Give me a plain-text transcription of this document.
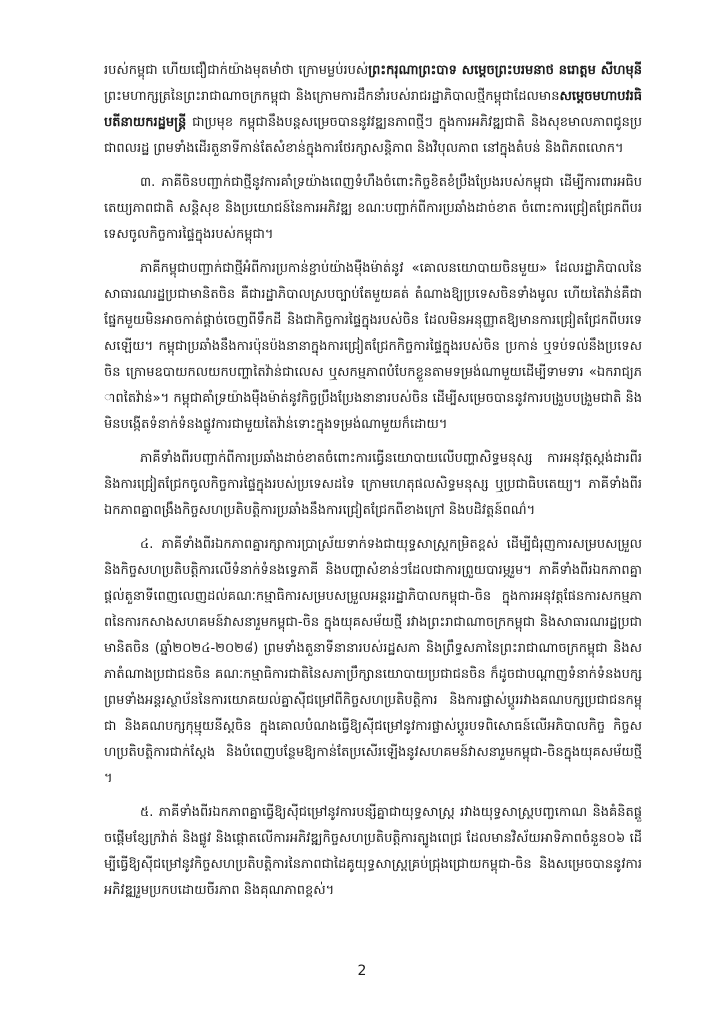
របស់កម្ពុជា ហើយជឿជាក់យ៉ាងមុតមាំថា ក្រោមម្លប់របស់ព្រះករុណាព្រះបាទ សម្តេចព្រះបរមនាថ នរោត្តម សីហមុនី ព្រះមហាក្សត្រនៃព្រះរាជាណាចក្រកម្ពុជា និងក្រោមការដឹកនាំរបស់រាជរដ្ឋាភិបាលថ្មីកម្ពុជាដែលមានសម្តេចមហាបវរធិបតីនាយករដ្ឋមន្ត្រី ជាប្រមុខ កម្ពុជានឹងបន្តសម្រេចបាននូវវឌ្ឍនភាពថ្មីៗ ក្នុងការអភិវឌ្ឍជាតិ និងសុខមាលភាពជូនប្រជាពលរដ្ឋ ព្រមទាំងដើរតួនាទីកាន់តែសំខាន់ក្នុងការថែរក្សាសន្តិភាព និងវិបុលភាព នៅក្នុងតំបន់ និងពិភពលោក។

៣. ភាគីចិនបញ្ជាក់ជាថ្មីនូវការគាំទ្រយ៉ាងពេញទំហឹងចំពោះកិច្ចខិតខំប្រឹងប្រែងរបស់កម្ពុជា ដើម្បីការពារអធិបតេយ្យភាពជាតិ សន្តិសុខ និងប្រយោជន៍នៃការអភិវឌ្ឍ ខណៈបញ្ជាក់ពីការប្រឆាំងដាច់ខាត ចំពោះការជ្រៀតជ្រែកពីបរទេសចូលកិច្ចការផ្ទៃក្នុងរបស់កម្ពុជា។

ភាគីកម្ពុជាបញ្ជាក់ជាថ្មីអំពីការប្រកាន់ខ្ជាប់យ៉ាងម៉ឺងម៉ាត់នូវ «គោលនយោបាយចិនមួយ» ដែលរដ្ឋាភិបាលនៃសាធារណរដ្ឋប្រជាមានិតចិន គឺជារដ្ឋាភិបាលស្របច្បាប់តែមួយគត់ តំណាងឱ្យប្រទេសចិនទាំងមូល ហើយតៃវ៉ាន់គឺជាផ្នែកមួយមិនអាចកាត់ផ្តាច់ចេញពីទឹកដី និងជាកិច្ចការផ្ទៃក្នុងរបស់ចិន ដែលមិនអនុញ្ញាតឱ្យមានការជ្រៀតជ្រែកពីបរទេសឡើយ។ កម្ពុជាប្រឆាំងនឹងការប៉ុនប៉ងនានាក្នុងការជ្រៀតជ្រែកកិច្ចការផ្ទៃក្នុងរបស់ចិន ប្រកាន់ ឬទប់ទល់នឹងប្រទេសចិន ក្រោមឧបាយកលយកបញ្ហាតៃវ៉ាន់ជាលេស ឬសកម្មភាពបំបែកខ្លួនតាមទម្រង់ណាមួយដើម្បីទាមទារ «ឯករាជ្យភាពតៃវ៉ាន់»។ កម្ពុជាគាំទ្រយ៉ាងម៉ឺងម៉ាត់នូវកិច្ចប្រឹងប្រែងនានារបស់ចិន ដើម្បីសម្រេចបាននូវការបង្រួបបង្រួមជាតិ និងមិនបង្កើតទំនាក់ទំនងផ្លូវការជាមួយតៃវ៉ាន់ទោះក្នុងទម្រង់ណាមួយក៏ដោយ។

ភាគីទាំងពីរបញ្ជាក់ពីការប្រឆាំងដាច់ខាតចំពោះការធ្វើនយោបាយលើបញ្ហាសិទ្ធមនុស្ស ការអនុវត្តស្តង់ដារពីរ និងការជ្រៀតជ្រែកចូលកិច្ចការផ្ទៃក្នុងរបស់ប្រទេសដទៃ ក្រោមហេតុផលសិទ្ធមនុស្ស ឬប្រជាធិបតេយ្យ។ ភាគីទាំងពីរឯកភាពគ្នាពង្រឹងកិច្ចសហប្រតិបត្តិការប្រឆាំងនឹងការជ្រៀតជ្រែកពីខាងក្រៅ និងបដិវត្តន៍ពណ៌។

៤. ភាគីទាំងពីរឯកភាពគ្នារក្សាការប្រាស្រ័យទាក់ទងជាយុទ្ធសាស្ត្រកម្រិតខ្ពស់ ដើម្បីជំរុញការសម្របសម្រួល និងកិច្ចសហប្រតិបត្តិការលើទំនាក់ទំនងទ្វេភាគី និងបញ្ហាសំខាន់ៗដែលជាការព្រួយបារម្ភរួម។ ភាគីទាំងពីរឯកភាពគ្នាផ្តល់តួនាទីពេញលេញដល់គណៈកម្មាធិការសម្របសម្រួលអន្តររដ្ឋាភិបាលកម្ពុជា-ចិន ក្នុងការអនុវត្តផែនការសកម្មភាពនៃការកសាងសហគមន៍វាសនារួមកម្ពុជា-ចិន ក្នុងយុគសម័យថ្មី រវាងព្រះរាជាណាចក្រកម្ពុជា និងសាធារណរដ្ឋប្រជាមានិតចិន (ឆ្នាំ២០២៤-២០២៨) ព្រមទាំងតួនាទីនានារបស់រដ្ឋសភា និងព្រឹទ្ធសភានៃព្រះរាជាណាចក្រកម្ពុជា និងសភាតំណាងប្រជាជនចិន គណៈកម្មាធិការជាតិនៃសភាប្រឹក្សានយោបាយប្រជាជនចិន ក៏ដូចជាបណ្តាញទំនាក់ទំនងបក្ស ព្រមទាំងអន្តរស្ថាប័ននៃការយោគយល់គ្នាស៊ីជម្រៅពីកិច្ចសហប្រតិបត្តិការ និងការផ្លាស់ប្តូររវាងគណបក្សប្រជាជនកម្ពុជា និងគណបក្សកុម្មុយនីស្តចិន ក្នុងគោលបំណងធ្វើឱ្យស៊ីជម្រៅនូវការផ្លាស់ប្តូរបទពិសោធន៍លើអភិបាលកិច្ច កិច្ចសហប្រតិបត្តិការជាក់ស្តែង និងបំពេញបន្ថែមឱ្យកាន់តែប្រសើរឡើងនូវសហគមន៍វាសនារួមកម្ពុជា-ចិនក្នុងយុគសម័យថ្មី។

៥. ភាគីទាំងពីរឯកភាពគ្នាធ្វើឱ្យស៊ីជម្រៅនូវការបន្សីគ្នាជាយុទ្ធសាស្ត្រ រវាងយុទ្ធសាស្ត្របញ្ចកោណ និងគំនិតផ្តួចផ្តើមខ្សែក្រវ៉ាត់ និងផ្លូវ និងផ្តោតលើការអភិវឌ្ឍកិច្ចសហប្រតិបត្តិការត្បូងពេជ្រ ដែលមានវិស័យអាទិភាពចំនួន០៦ ដើម្បីធ្វើឱ្យស៊ីជម្រៅនូវកិច្ចសហប្រតិបត្តិការនៃភាពជាដៃគូយុទ្ធសាស្ត្រគ្រប់ជ្រុងជ្រោយកម្ពុជា-ចិន និងសម្រេចបាននូវការអភិវឌ្ឍរួមប្រកបដោយចីរភាព និងគុណភាពខ្ពស់។

2
